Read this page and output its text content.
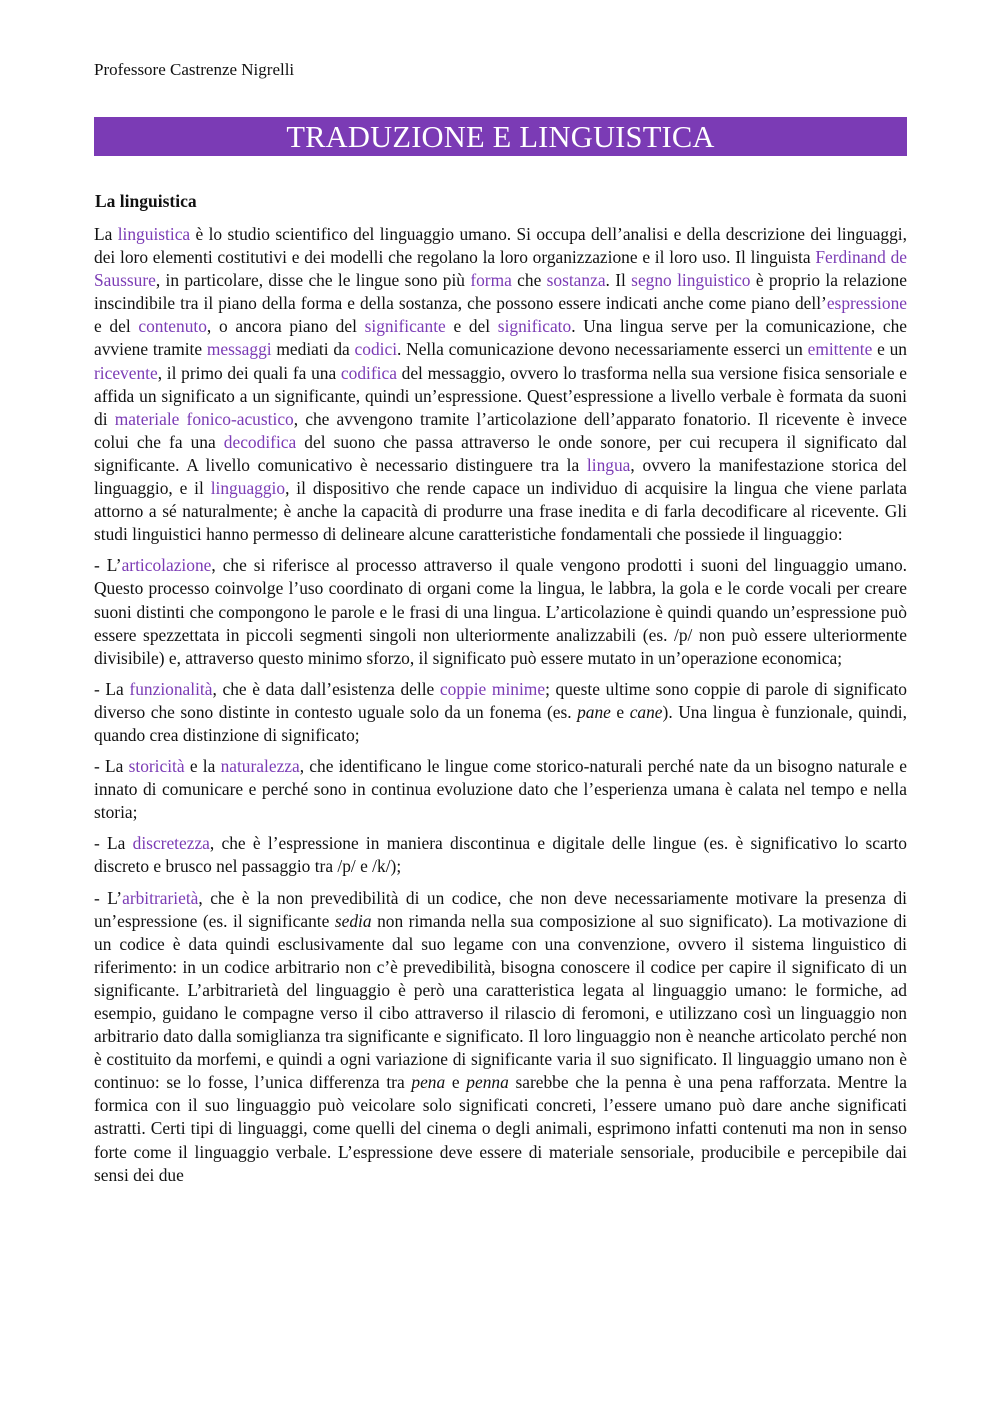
Professore Castrenze Nigrelli

TRADUZIONE E LINGUISTICA
La linguistica

La linguistica è lo studio scientifico del linguaggio umano. Si occupa dell’analisi e della descrizione dei linguaggi, dei loro elementi costitutivi e dei modelli che regolano la loro organizzazione e il loro uso. Il linguista Ferdinand de Saussure, in particolare, disse che le lingue sono più forma che sostanza. Il segno linguistico è proprio la relazione inscindibile tra il piano della forma e della sostanza, che possono essere indicati anche come piano dell’espressione e del contenuto, o ancora piano del significante e del significato. Una lingua serve per la comunicazione, che avviene tramite messaggi mediati da codici. Nella comunicazione devono necessariamente esserci un emittente e un ricevente, il primo dei quali fa una codifica del messaggio, ovvero lo trasforma nella sua versione fisica sensoriale e affida un significato a un significante, quindi un’espressione. Quest’espressione a livello verbale è formata da suoni di materiale fonico-acustico, che avvengono tramite l’articolazione dell’apparato fonatorio. Il ricevente è invece colui che fa una decodifica del suono che passa attraverso le onde sonore, per cui recupera il significato dal significante. A livello comunicativo è necessario distinguere tra la lingua, ovvero la manifestazione storica del linguaggio, e il linguaggio, il dispositivo che rende capace un individuo di acquisire la lingua che viene parlata attorno a sé naturalmente; è anche la capacità di produrre una frase inedita e di farla decodificare al ricevente. Gli studi linguistici hanno permesso di delineare alcune caratteristiche fondamentali che possiede il linguaggio:

- L’articolazione, che si riferisce al processo attraverso il quale vengono prodotti i suoni del linguaggio umano. Questo processo coinvolge l’uso coordinato di organi come la lingua, le labbra, la gola e le corde vocali per creare suoni distinti che compongono le parole e le frasi di una lingua. L’articolazione è quindi quando un’espressione può essere spezzettata in piccoli segmenti singoli non ulteriormente analizzabili (es. /p/ non può essere ulteriormente divisibile) e, attraverso questo minimo sforzo, il significato può essere mutato in un’operazione economica;

- La funzionalità, che è data dall’esistenza delle coppie minime; queste ultime sono coppie di parole di significato diverso che sono distinte in contesto uguale solo da un fonema (es. pane e cane). Una lingua è funzionale, quindi, quando crea distinzione di significato;

- La storicità e la naturalezza, che identificano le lingue come storico-naturali perché nate da un bisogno naturale e innato di comunicare e perché sono in continua evoluzione dato che l’esperienza umana è calata nel tempo e nella storia;

- La discretezza, che è l’espressione in maniera discontinua e digitale delle lingue (es. è significativo lo scarto discreto e brusco nel passaggio tra /p/ e /k/);

- L’arbitrarietà, che è la non prevedibilità di un codice, che non deve necessariamente motivare la presenza di un’espressione (es. il significante sedia non rimanda nella sua composizione al suo significato). La motivazione di un codice è data quindi esclusivamente dal suo legame con una convenzione, ovvero il sistema linguistico di riferimento: in un codice arbitrario non c’è prevedibilità, bisogna conoscere il codice per capire il significato di un significante. L’arbitrarietà del linguaggio è però una caratteristica legata al linguaggio umano: le formiche, ad esempio, guidano le compagne verso il cibo attraverso il rilascio di feromoni, e utilizzano così un linguaggio non arbitrario dato dalla somiglianza tra significante e significato. Il loro linguaggio non è neanche articolato perché non è costituito da morfemi, e quindi a ogni variazione di significante varia il suo significato. Il linguaggio umano non è continuo: se lo fosse, l’unica differenza tra pena e penna sarebbe che la penna è una pena rafforzata. Mentre la formica con il suo linguaggio può veicolare solo significati concreti, l’essere umano può dare anche significati astratti. Certi tipi di linguaggi, come quelli del cinema o degli animali, esprimono infatti contenuti ma non in senso forte come il linguaggio verbale. L’espressione deve essere di materiale sensoriale, producibile e percepibile dai sensi dei due
